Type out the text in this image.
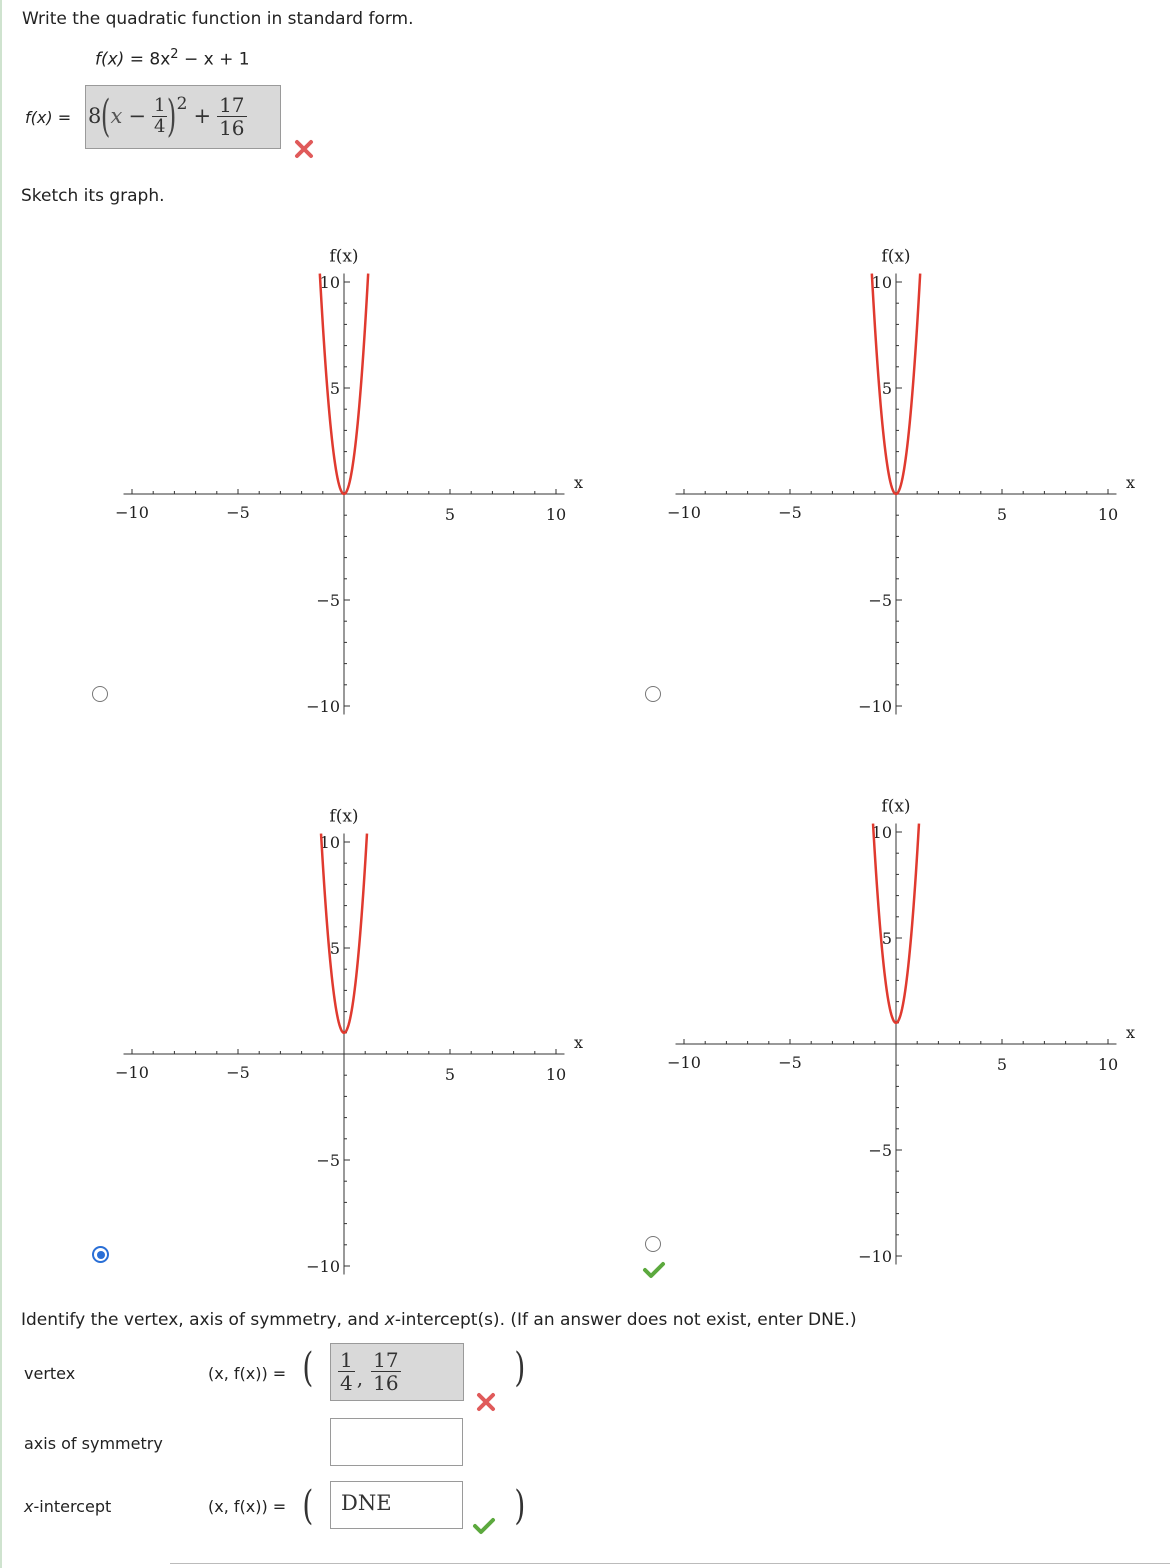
Write the quadratic function in standard form.
$f(x) = 8x^2 - x + 1$
f(x) = 8 ( $x - \frac{1}{4}$ ) $2 + \frac{17}{16}$
Sketch its graph.
−10	−5	5	10
−10
−5
5
10
f(x)
x
−10	−5	5	10
−10
−5
5
10
f(x)
x
−10	−5	5	10
−10
−5
5
10
f(x)
x
−10	−5	5	10
−10
−5
5
10
f(x)
x
Identify the vertex, axis of symmetry, and x-intercept(s). (If an answer does not exist, enter DNE.)
vertex	(x, f(x)) = ( $\frac{1}{4}$ , $\frac{17}{16}$	)
axis of symmetry
x-intercept	(x, f(x)) = (	DNE	)
